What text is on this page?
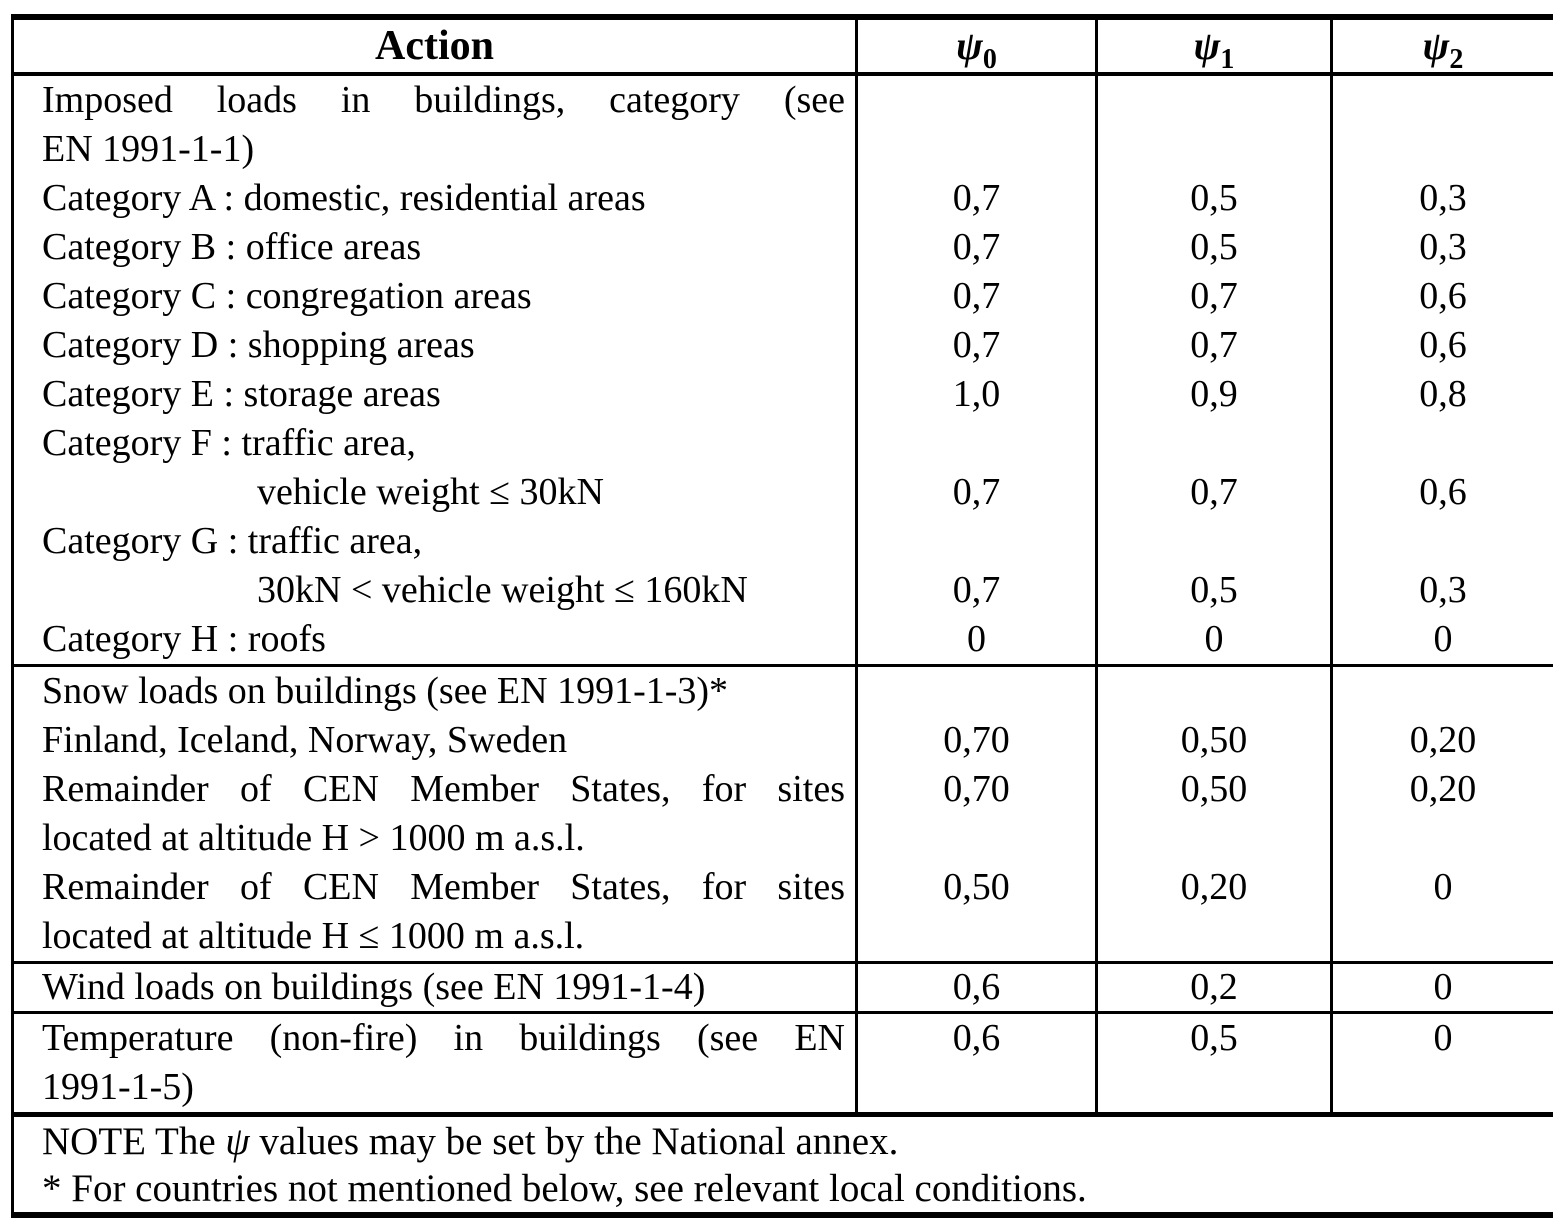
Action	$\psi_0$	$\psi_1$	$\psi_2$
Imposed loads in buildings, category (see
EN 1991-1-1)
Category A : domestic, residential areas	0,7	0,5	0,3
Category B : office areas	0,7	0,5	0,3
Category C : congregation areas	0,7	0,7	0,6
Category D : shopping areas	0,7	0,7	0,6
Category E : storage areas	1,0	0,9	0,8
Category F : traffic area,
vehicle weight ≤ 30kN	0,7	0,7	0,6
Category G : traffic area,
30kN < vehicle weight ≤ 160kN	0,7	0,5	0,3
Category H : roofs	0	0	0
Snow loads on buildings (see EN 1991-1-3)*
Finland, Iceland, Norway, Sweden	0,70	0,50	0,20
Remainder of CEN Member States, for sites	0,70	0,50	0,20
located at altitude H > 1000 m a.s.l.
Remainder of CEN Member States, for sites	0,50	0,20	0
located at altitude H ≤ 1000 m a.s.l.
Wind loads on buildings (see EN 1991-1-4)	0,6	0,2	0
Temperature (non-fire) in buildings (see EN	0,6	0,5	0
1991-1-5)
NOTE The ψ values may be set by the National annex.
* For countries not mentioned below, see relevant local conditions.
